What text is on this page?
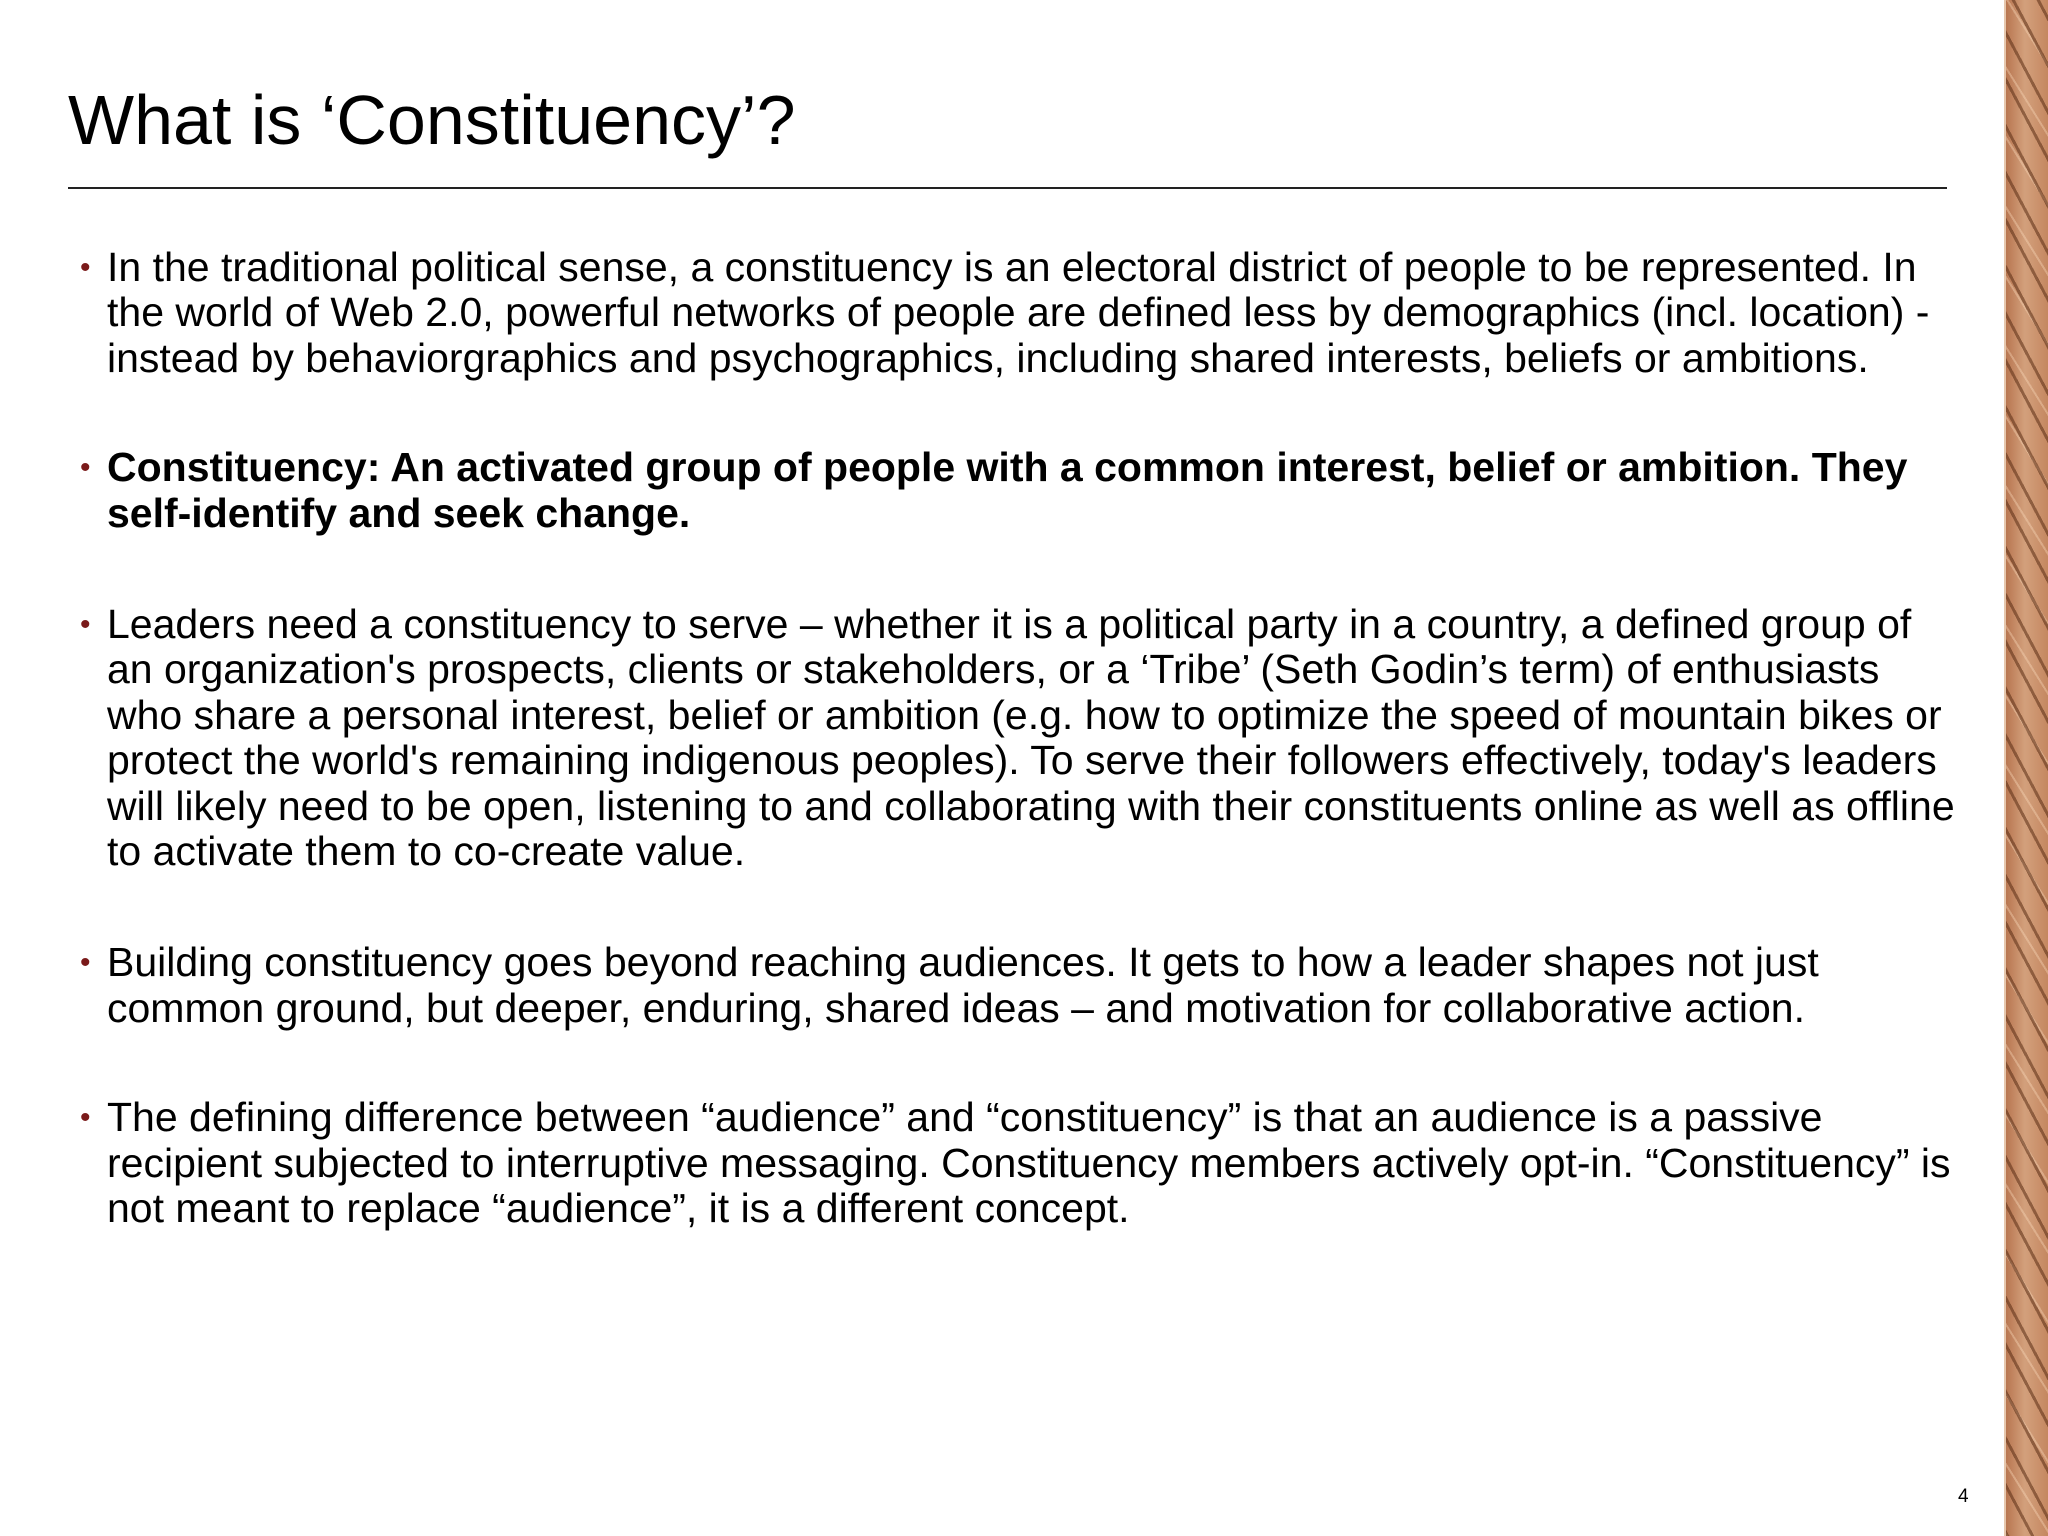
What is ‘Constituency’?
• In the traditional political sense, a constituency is an electoral district of people to be represented. In the world of Web 2.0, powerful networks of people are defined less by demographics (incl. location) - instead by behaviorgraphics and psychographics, including shared interests, beliefs or ambitions.
• Constituency: An activated group of people with a common interest, belief or ambition. They self-identify and seek change.
• Leaders need a constituency to serve – whether it is a political party in a country, a defined group of an organization's prospects, clients or stakeholders, or a ‘Tribe’ (Seth Godin’s term) of enthusiasts who share a personal interest, belief or ambition (e.g. how to optimize the speed of mountain bikes or protect the world's remaining indigenous peoples). To serve their followers effectively, today's leaders will likely need to be open, listening to and collaborating with their constituents online as well as offline to activate them to co-create value.
• Building constituency goes beyond reaching audiences. It gets to how a leader shapes not just common ground, but deeper, enduring, shared ideas – and motivation for collaborative action.
• The defining difference between “audience” and “constituency” is that an audience is a passive recipient subjected to interruptive messaging. Constituency members actively opt-in. “Constituency” is not meant to replace “audience”, it is a different concept.
4
